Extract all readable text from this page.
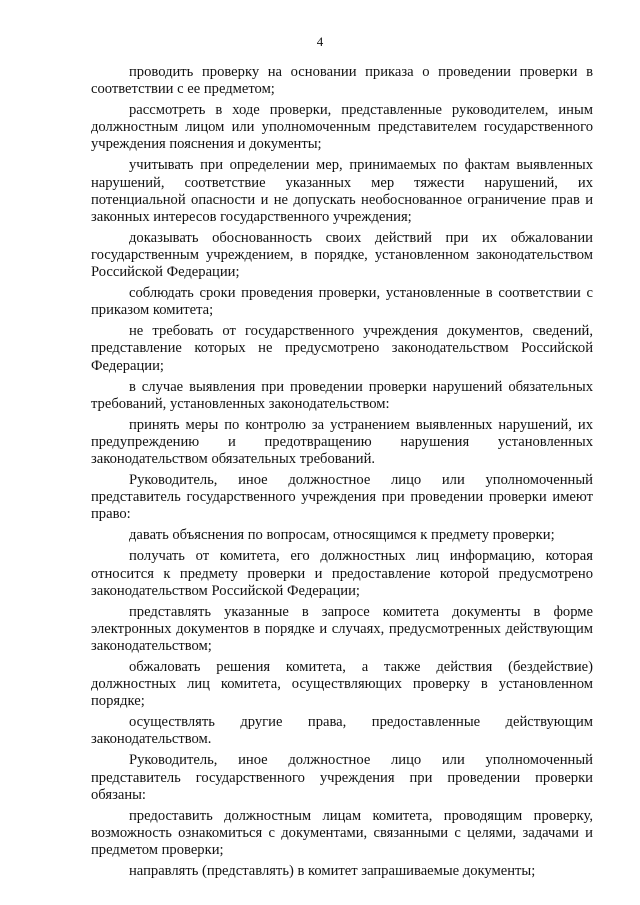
4

проводить проверку на основании приказа о проведении проверки в соответствии с ее предметом;

рассмотреть в ходе проверки, представленные руководителем, иным должностным лицом или уполномоченным представителем государственного учреждения пояснения и документы;

учитывать при определении мер, принимаемых по фактам выявленных нарушений, соответствие указанных мер тяжести нарушений, их потенциальной опасности и не допускать необоснованное ограничение прав и законных интересов государственного учреждения;

доказывать обоснованность своих действий при их обжаловании государственным учреждением, в порядке, установленном законодательством Российской Федерации;

соблюдать сроки проведения проверки, установленные в соответствии с приказом комитета;

не требовать от государственного учреждения документов, сведений, представление которых не предусмотрено законодательством Российской Федерации;

в случае выявления при проведении проверки нарушений обязательных требований, установленных законодательством:

принять меры по контролю за устранением выявленных нарушений, их предупреждению и предотвращению нарушения установленных законодательством обязательных требований.

Руководитель, иное должностное лицо или уполномоченный представитель государственного учреждения при проведении проверки имеют право:

давать объяснения по вопросам, относящимся к предмету проверки;

получать от комитета, его должностных лиц информацию, которая относится к предмету проверки и предоставление которой предусмотрено законодательством Российской Федерации;

представлять указанные в запросе комитета документы в форме электронных документов в порядке и случаях, предусмотренных действующим законодательством;

обжаловать решения комитета, а также действия (бездействие) должностных лиц комитета, осуществляющих проверку в установленном порядке;

осуществлять другие права, предоставленные действующим законодательством.

Руководитель, иное должностное лицо или уполномоченный представитель государственного учреждения при проведении проверки обязаны:

предоставить должностным лицам комитета, проводящим проверку, возможность ознакомиться с документами, связанными с целями, задачами и предметом проверки;

направлять (представлять) в комитет запрашиваемые документы;
